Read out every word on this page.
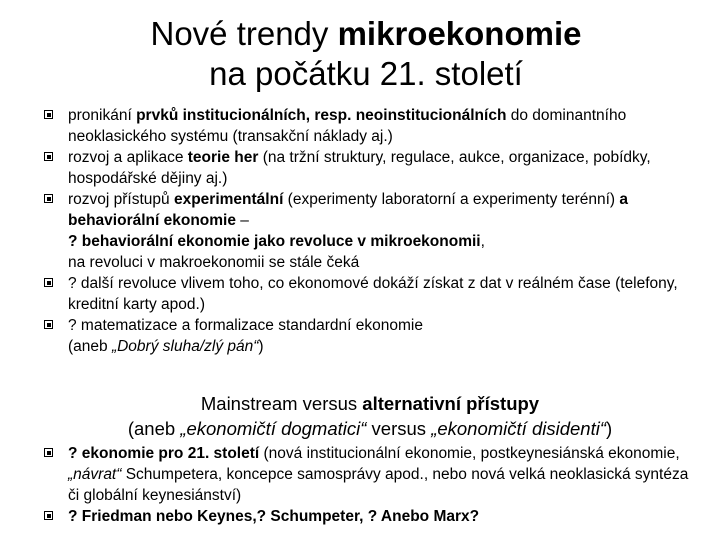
Nové trendy mikroekonomie
na počátku 21. století
pronikání prvků institucionálních, resp. neoinstitucionálních do dominantního neoklasického systému (transakční náklady aj.)
rozvoj a aplikace teorie her (na tržní struktury, regulace, aukce, organizace, pobídky, hospodářské dějiny aj.)
rozvoj přístupů experimentální (experimenty laboratorní a experimenty terénní) a behaviorální ekonomie –
? behaviorální ekonomie jako revoluce v mikroekonomii,
na revoluci v makroekonomii se stále čeká
? další revoluce vlivem toho, co ekonomové dokáží získat z dat v reálném čase (telefony, kreditní karty apod.)
? matematizace a formalizace standardní ekonomie
(aneb „Dobrý sluha/zlý pán“)
Mainstream versus alternativní přístupy
(aneb „ekonomičtí dogmatici“ versus „ekonomičtí disidenti“)
? ekonomie pro 21. století (nová institucionální ekonomie, postkeynesiánská ekonomie, „návrat“ Schumpetera, koncepce samosprávy apod., nebo nová velká neoklasická syntéza či globální keynesiánství)
? Friedman nebo Keynes,? Schumpeter, ? Anebo Marx?
